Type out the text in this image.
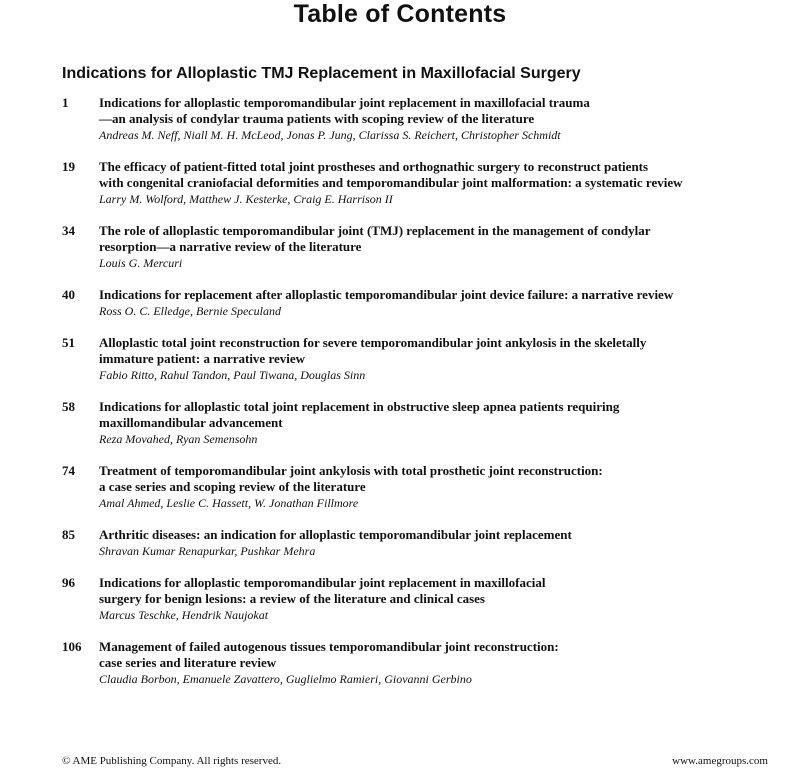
Table of Contents
Indications for Alloplastic TMJ Replacement in Maxillofacial Surgery
1 Indications for alloplastic temporomandibular joint replacement in maxillofacial trauma
—an analysis of condylar trauma patients with scoping review of the literature
Andreas M. Neff, Niall M. H. McLeod, Jonas P. Jung, Clarissa S. Reichert, Christopher Schmidt
19 The efficacy of patient-fitted total joint prostheses and orthognathic surgery to reconstruct patients
with congenital craniofacial deformities and temporomandibular joint malformation: a systematic review
Larry M. Wolford, Matthew J. Kesterke, Craig E. Harrison II
34 The role of alloplastic temporomandibular joint (TMJ) replacement in the management of condylar
resorption—a narrative review of the literature
Louis G. Mercuri
40 Indications for replacement after alloplastic temporomandibular joint device failure: a narrative review
Ross O. C. Elledge, Bernie Speculand
51 Alloplastic total joint reconstruction for severe temporomandibular joint ankylosis in the skeletally
immature patient: a narrative review
Fabio Ritto, Rahul Tandon, Paul Tiwana, Douglas Sinn
58 Indications for alloplastic total joint replacement in obstructive sleep apnea patients requiring
maxillomandibular advancement
Reza Movahed, Ryan Semensohn
74 Treatment of temporomandibular joint ankylosis with total prosthetic joint reconstruction:
a case series and scoping review of the literature
Amal Ahmed, Leslie C. Hassett, W. Jonathan Fillmore
85 Arthritic diseases: an indication for alloplastic temporomandibular joint replacement
Shravan Kumar Renapurkar, Pushkar Mehra
96 Indications for alloplastic temporomandibular joint replacement in maxillofacial
surgery for benign lesions: a review of the literature and clinical cases
Marcus Teschke, Hendrik Naujokat
106 Management of failed autogenous tissues temporomandibular joint reconstruction:
case series and literature review
Claudia Borbon, Emanuele Zavattero, Guglielmo Ramieri, Giovanni Gerbino
© AME Publishing Company. All rights reserved.	www.amegroups.com
